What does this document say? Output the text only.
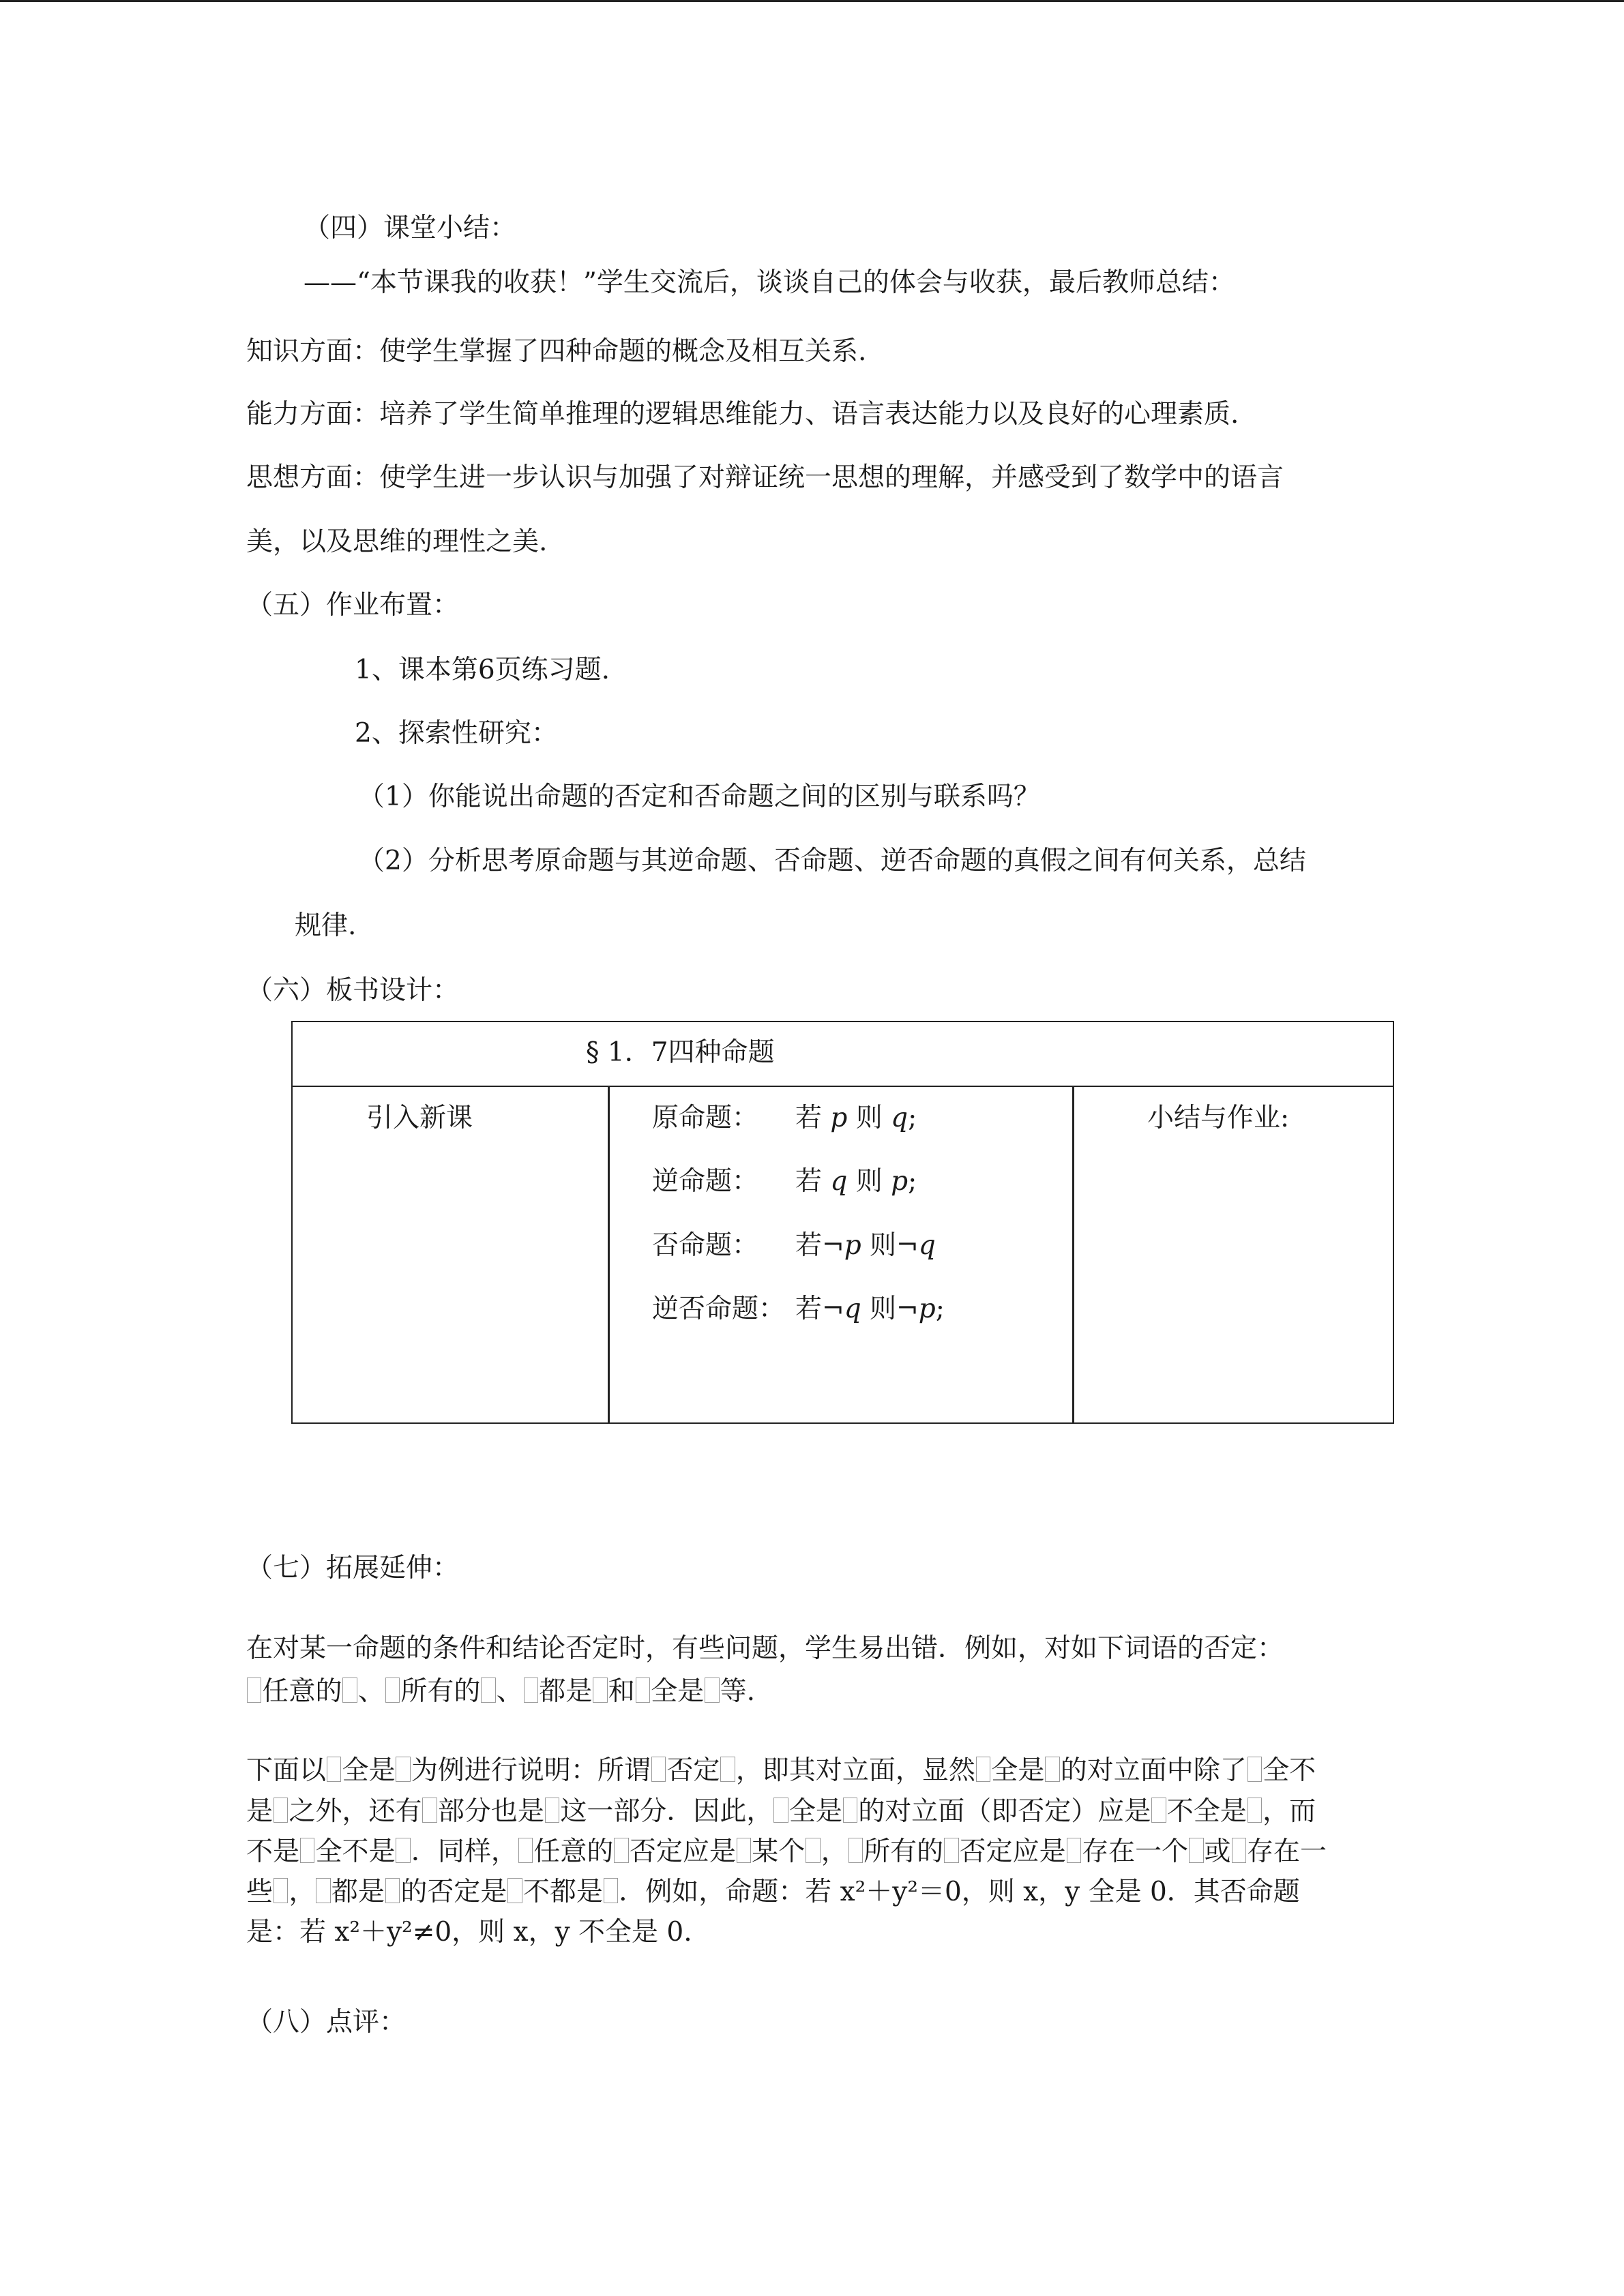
（四）课堂小结：
——“本节课我的收获！”学生交流后，谈谈自己的体会与收获，最后教师总结：
知识方面：使学生掌握了四种命题的概念及相互关系.
能力方面：培养了学生简单推理的逻辑思维能力、语言表达能力以及良好的心理素质.
思想方面：使学生进一步认识与加强了对辩证统一思想的理解，并感受到了数学中的语言
美，以及思维的理性之美.
（五）作业布置：
1、课本第6页练习题.
2、探索性研究：
（1）你能说出命题的否定和否命题之间的区别与联系吗？
（2）分析思考原命题与其逆命题、否命题、逆否命题的真假之间有何关系，总结
规律.
（六）板书设计：
§ 1．7四种命题
引入新课	原命题： 若 p 则 q;
逆命题： 若 q 则 p;
否命题： 若¬p 则¬q
逆否命题： 若¬q 则¬p;
小结与作业:
（七）拓展延伸：
在对某一命题的条件和结论否定时，有些问题，学生易出错．例如，对如下词语的否定：
任意的 、 所有的 、 都是 和 全是 等.
下面以 全是 为例进行说明：所谓 否定 ，即其对立面，显然 全是 的对立面中除了 全不
是 之外，还有 部分也是 这一部分．因此， 全是 的对立面（即否定）应是 不全是 ，而
不是 全不是 ．同样， 任意的 否定应是 某个 ， 所有的 否定应是 存在一个 或 存在一
些 ， 都是 的否定是 不都是 ．例如，命题：若 x²＋y²＝0，则 x，y 全是 0．其否命题
是：若 x²＋y²≠0，则 x，y 不全是 0.
（八）点评：
